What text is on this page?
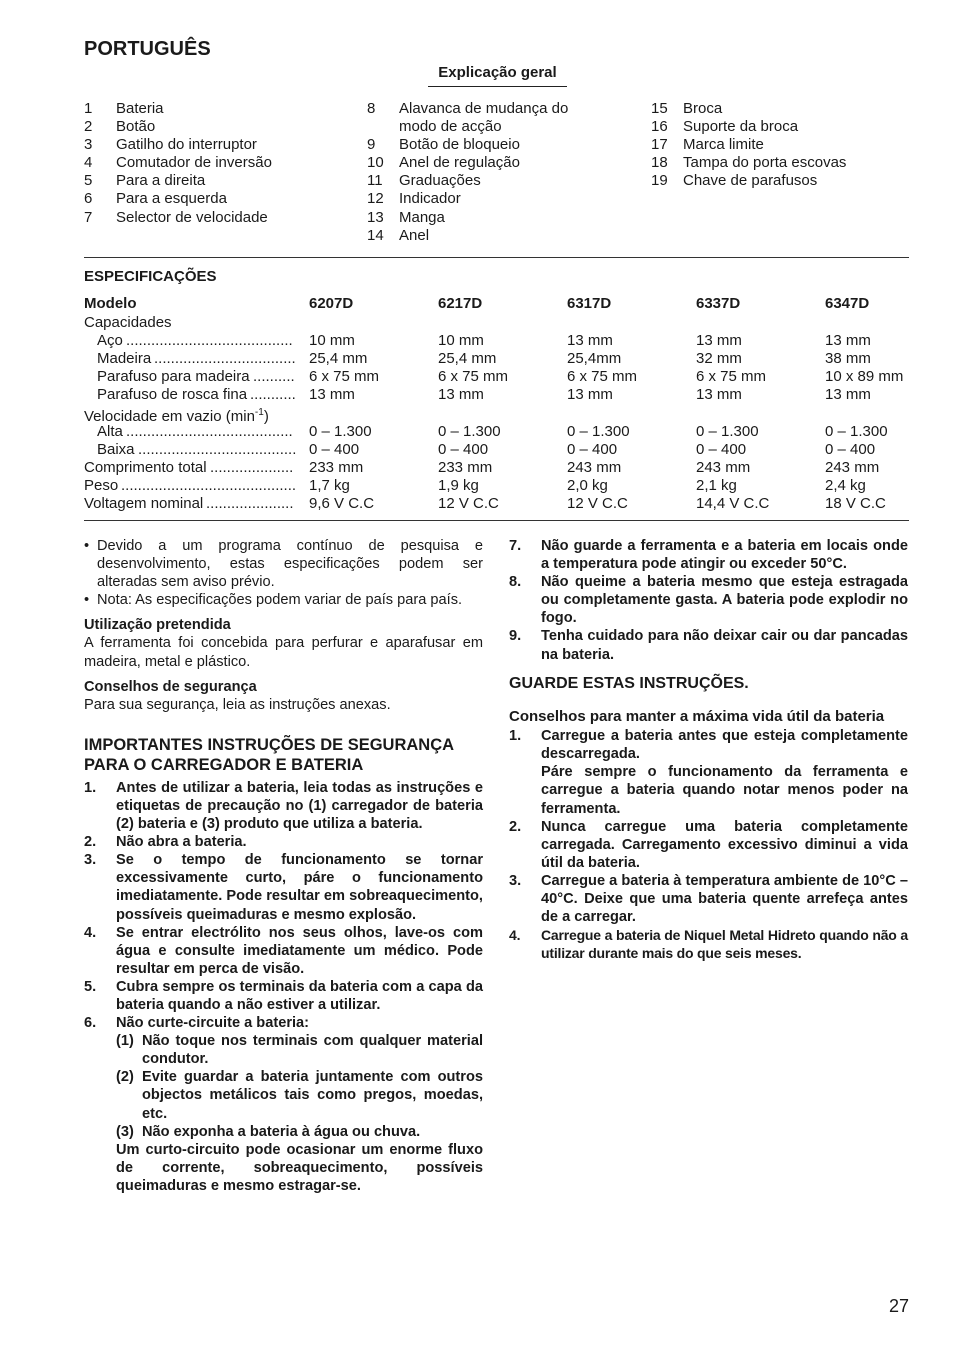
PORTUGUÊS
Explicação geral
1	Bateria
2	Botão
3	Gatilho do interruptor
4	Comutador de inversão
5	Para a direita
6	Para a esquerda
7	Selector de velocidade
8	Alavanca de mudança do modo de acção
9	Botão de bloqueio
10	Anel de regulação
11	Graduações
12	Indicador
13	Manga
14	Anel
15	Broca
16	Suporte da broca
17	Marca limite
18	Tampa do porta escovas
19	Chave de parafusos
ESPECIFICAÇÕES
Modelo	6207D	6217D	6317D	6337D	6347D
Capacidades
Aço ........................................	10 mm	10 mm	13 mm	13 mm	13 mm
Madeira .................................. 25,4 mm	25,4 mm	25,4mm	32 mm	38 mm
Parafuso para madeira .......... 6 x 75 mm	6 x 75 mm	6 x 75 mm	6 x 75 mm	10 x 89 mm
Parafuso de rosca fina ........... 13 mm	13 mm	13 mm	13 mm	13 mm
Alta ........................................	0 – 1.300	0 – 1.300	0 – 1.300	0 – 1.300	0 – 1.300
Baixa ...................................... 0 – 400	0 – 400	0 – 400	0 – 400	0 – 400
Comprimento total ....................	233 mm	233 mm	243 mm	243 mm	243 mm
Peso .......................................... 1,7 kg	1,9 kg	2,0 kg	2,1 kg	2,4 kg
Voltagem nominal .....................	9,6 V C.C	12 V C.C	12 V C.C	14,4 V C.C	18 V C.C
Velocidade em vazio $(\min^{-1})$
• Devido a um programa contínuo de pesquisa e desenvolvimento, estas especificações podem ser alteradas sem aviso prévio.
• Nota: As especificações podem variar de país para país.
Utilização pretendida
A ferramenta foi concebida para perfurar e aparafusar em madeira, metal e plástico.
Conselhos de segurança
Para sua segurança, leia as instruções anexas.
IMPORTANTES INSTRUÇÕES DE SEGURANÇA PARA O CARREGADOR E BATERIA
1.	Antes de utilizar a bateria, leia todas as instruções e etiquetas de precaução no (1) carregador de bateria (2) bateria e (3) produto que utiliza a bateria.
2.	Não abra a bateria.
3.	Se o tempo de funcionamento se tornar excessivamente curto, páre o funcionamento imediatamente. Pode resultar em sobreaquecimento, possíveis queimaduras e mesmo explosão.
4.	Se entrar electrólito nos seus olhos, lave-os com água e consulte imediatamente um médico. Pode resultar em perca de visão.
5.	Cubra sempre os terminais da bateria com a capa da bateria quando a não estiver a utilizar.
6.	Não curte-circuite a bateria:
(1) Não toque nos terminais com qualquer material condutor.
(2) Evite guardar a bateria juntamente com outros objectos metálicos tais como pregos, moedas, etc.
(3) Não exponha a bateria à água ou chuva.
Um curto-circuito pode ocasionar um enorme fluxo de corrente, sobreaquecimento, possíveis queimaduras e mesmo estragar-se.
7.	Não guarde a ferramenta e a bateria em locais onde a temperatura pode atingir ou exceder 50°C.
8.	Não queime a bateria mesmo que esteja estragada ou completamente gasta. A bateria pode explodir no fogo.
9.	Tenha cuidado para não deixar cair ou dar pancadas na bateria.
GUARDE ESTAS INSTRUÇÕES.
Conselhos para manter a máxima vida útil da bateria
1.	Carregue a bateria antes que esteja completamente descarregada.
Páre sempre o funcionamento da ferramenta e carregue a bateria quando notar menos poder na ferramenta.
2.	Nunca carregue uma bateria completamente carregada. Carregamento excessivo diminui a vida útil da bateria.
3.	Carregue a bateria à temperatura ambiente de 10°C – 40°C. Deixe que uma bateria quente arrefeça antes de a carregar.
4.	Carregue a bateria de Niquel Metal Hidreto quando não a utilizar durante mais do que seis meses.
27
